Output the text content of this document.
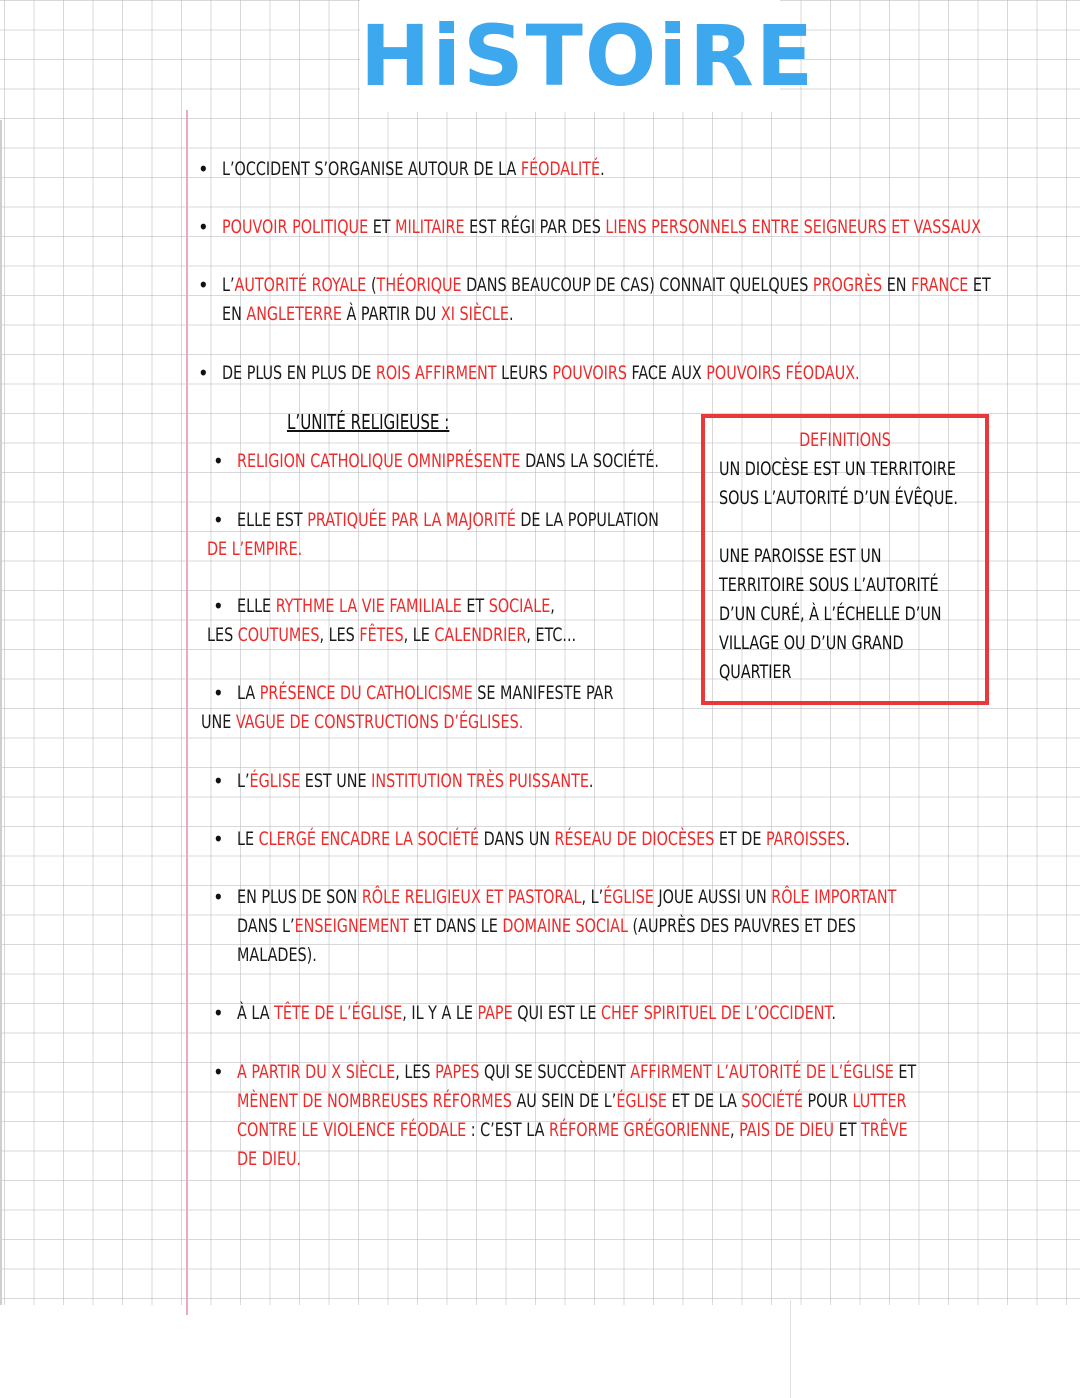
HiSTOiRE
• L’OCCIDENT S’ORGANISE AUTOUR DE LA FÉODALITÉ.
• POUVOIR POLITIQUE ET MILITAIRE EST RÉGI PAR DES LIENS PERSONNELS ENTRE SEIGNEURS ET VASSAUX
• L’AUTORITÉ ROYALE (THÉORIQUE DANS BEAUCOUP DE CAS) CONNAIT QUELQUES PROGRÈS EN FRANCE ET
EN ANGLETERRE À PARTIR DU XI SIÈCLE.
• DE PLUS EN PLUS DE ROIS AFFIRMENT LEURS POUVOIRS FACE AUX POUVOIRS FÉODAUX.
• RELIGION CATHOLIQUE OMNIPRÉSENTE DANS LA SOCIÉTÉ.
• ELLE EST PRATIQUÉE PAR LA MAJORITÉ DE LA POPULATION
DE L’EMPIRE.
• ELLE RYTHME LA VIE FAMILIALE ET SOCIALE,
LES COUTUMES, LES FÊTES, LE CALENDRIER, ETC...
• LA PRÉSENCE DU CATHOLICISME SE MANIFESTE PAR
UNE VAGUE DE CONSTRUCTIONS D’ÉGLISES.
• L’ÉGLISE EST UNE INSTITUTION TRÈS PUISSANTE.
• LE CLERGÉ ENCADRE LA SOCIÉTÉ DANS UN RÉSEAU DE DIOCÈSES ET DE PAROISSES.
• EN PLUS DE SON RÔLE RELIGIEUX ET PASTORAL, L’ÉGLISE JOUE AUSSI UN RÔLE IMPORTANT
DANS L’ENSEIGNEMENT ET DANS LE DOMAINE SOCIAL (AUPRÈS DES PAUVRES ET DES
MALADES).
• À LA TÊTE DE L’ÉGLISE, IL Y A LE PAPE QUI EST LE CHEF SPIRITUEL DE L’OCCIDENT.
• A PARTIR DU X SIÈCLE, LES PAPES QUI SE SUCCÈDENT AFFIRMENT L’AUTORITÉ DE L’ÉGLISE ET
MÈNENT DE NOMBREUSES RÉFORMES AU SEIN DE L’ÉGLISE ET DE LA SOCIÉTÉ POUR LUTTER
CONTRE LE VIOLENCE FÉODALE : C’EST LA RÉFORME GRÉGORIENNE, PAIS DE DIEU ET TRÊVE
DE DIEU.
L’UNITÉ RELIGIEUSE :
DEFINITIONS
UN DIOCÈSE EST UN TERRITOIRE
SOUS L’AUTORITÉ D’UN ÉVÊQUE.
UNE PAROISSE EST UN
TERRITOIRE SOUS L’AUTORITÉ
D’UN CURÉ, À L’ÉCHELLE D’UN
VILLAGE OU D’UN GRAND
QUARTIER
